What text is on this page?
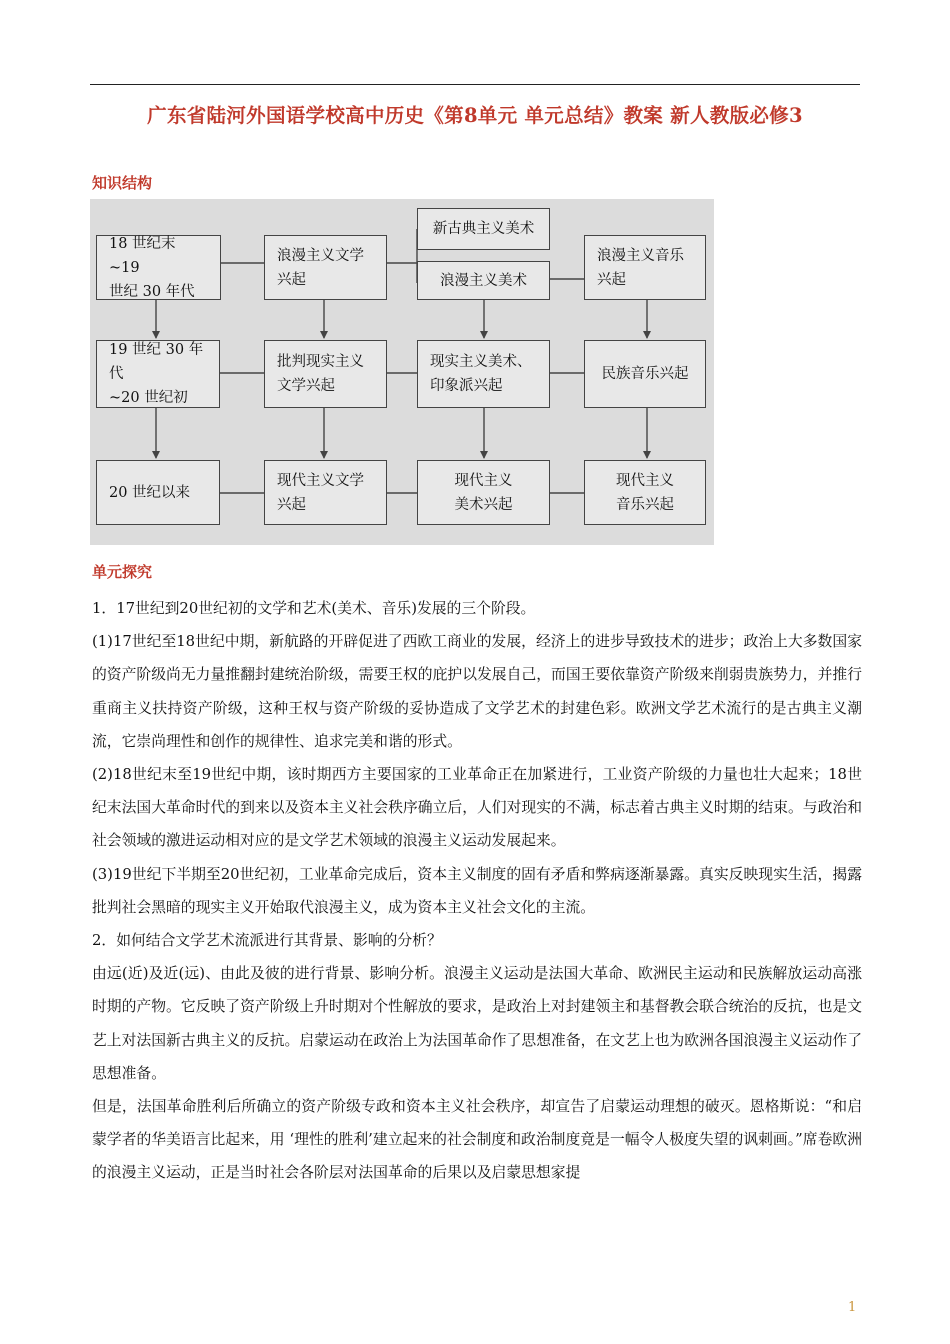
广东省陆河外国语学校高中历史《第8单元 单元总结》教案 新人教版必修3
知识结构
18 世纪末 ~19
世纪 30 年代
19 世纪 30 年代
~20 世纪初
20 世纪以来
浪漫主义文学
兴起
批判现实主义
文学兴起
现代主义文学
兴起
新古典主义美术
浪漫主义美术
现实主义美术、
印象派兴起
现代主义
美术兴起
浪漫主义音乐
兴起
民族音乐兴起
现代主义
音乐兴起
单元探究
1．17世纪到20世纪初的文学和艺术(美术、音乐)发展的三个阶段。
(1)17世纪至18世纪中期，新航路的开辟促进了西欧工商业的发展，经济上的进步导致技术的进步；政治上大多数国家的资产阶级尚无力量推翻封建统治阶级，需要王权的庇护以发展自己，而国王要依靠资产阶级来削弱贵族势力，并推行重商主义扶持资产阶级，这种王权与资产阶级的妥协造成了文学艺术的封建色彩。欧洲文学艺术流行的是古典主义潮流，它崇尚理性和创作的规律性、追求完美和谐的形式。
(2)18世纪末至19世纪中期，该时期西方主要国家的工业革命正在加紧进行，工业资产阶级的力量也壮大起来；18世纪末法国大革命时代的到来以及资本主义社会秩序确立后，人们对现实的不满，标志着古典主义时期的结束。与政治和社会领域的激进运动相对应的是文学艺术领域的浪漫主义运动发展起来。
(3)19世纪下半期至20世纪初，工业革命完成后，资本主义制度的固有矛盾和弊病逐渐暴露。真实反映现实生活，揭露批判社会黑暗的现实主义开始取代浪漫主义，成为资本主义社会文化的主流。
2．如何结合文学艺术流派进行其背景、影响的分析？
由远(近)及近(远)、由此及彼的进行背景、影响分析。浪漫主义运动是法国大革命、欧洲民主运动和民族解放运动高涨时期的产物。它反映了资产阶级上升时期对个性解放的要求，是政治上对封建领主和基督教会联合统治的反抗，也是文艺上对法国新古典主义的反抗。启蒙运动在政治上为法国革命作了思想准备，在文艺上也为欧洲各国浪漫主义运动作了思想准备。
但是，法国革命胜利后所确立的资产阶级专政和资本主义社会秩序，却宣告了启蒙运动理想的破灭。恩格斯说：“和启蒙学者的华美语言比起来，用 ‘理性的胜利’建立起来的社会制度和政治制度竟是一幅令人极度失望的讽刺画。”席卷欧洲的浪漫主义运动，正是当时社会各阶层对法国革命的后果以及启蒙思想家提
1
